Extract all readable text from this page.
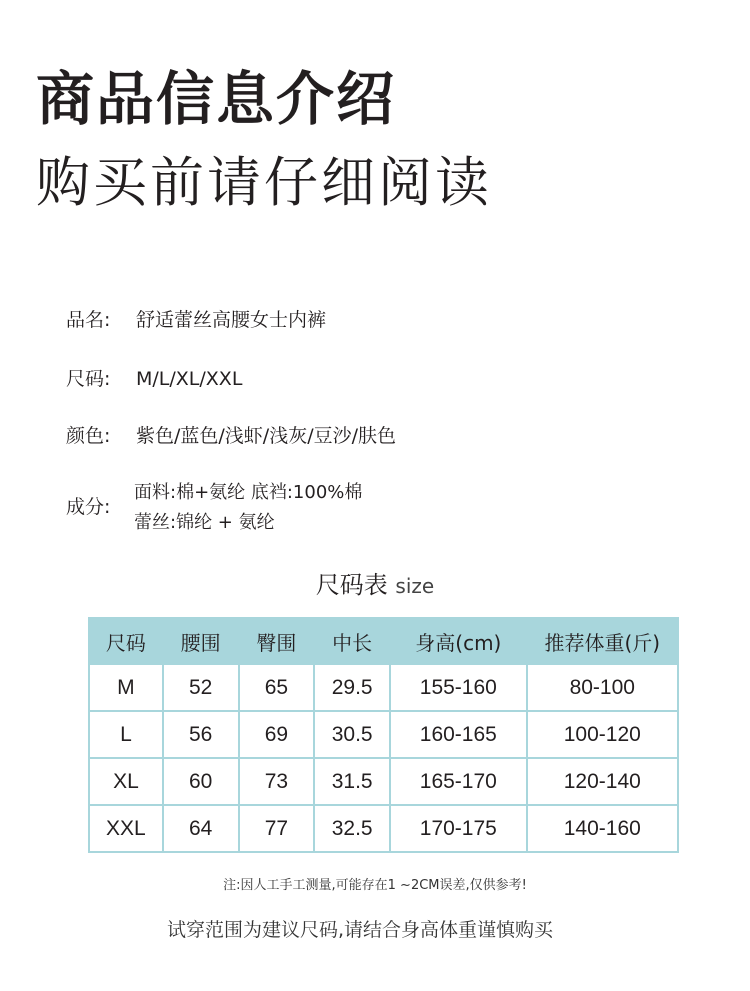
商品信息介绍
购买前请仔细阅读
品名: 舒适蕾丝高腰女士内裤
尺码: M/L/XL/XXL
颜色: 紫色/蓝色/浅虾/浅灰/豆沙/肤色
成分:
面料:棉+氨纶 底裆:100%棉
蕾丝:锦纶 + 氨纶
尺码表 size
尺码	腰围	臀围	中长	身高(cm)	推荐体重(斤)
M	52	65	29.5	155-160	80-100
L	56	69	30.5	160-165	100-120
XL	60	73	31.5	165-170	120-140
XXL	64	77	32.5	170-175	140-160
注:因人工手工测量,可能存在1 ~2CM误差,仅供参考!
试穿范围为建议尺码,请结合身高体重谨慎购买
